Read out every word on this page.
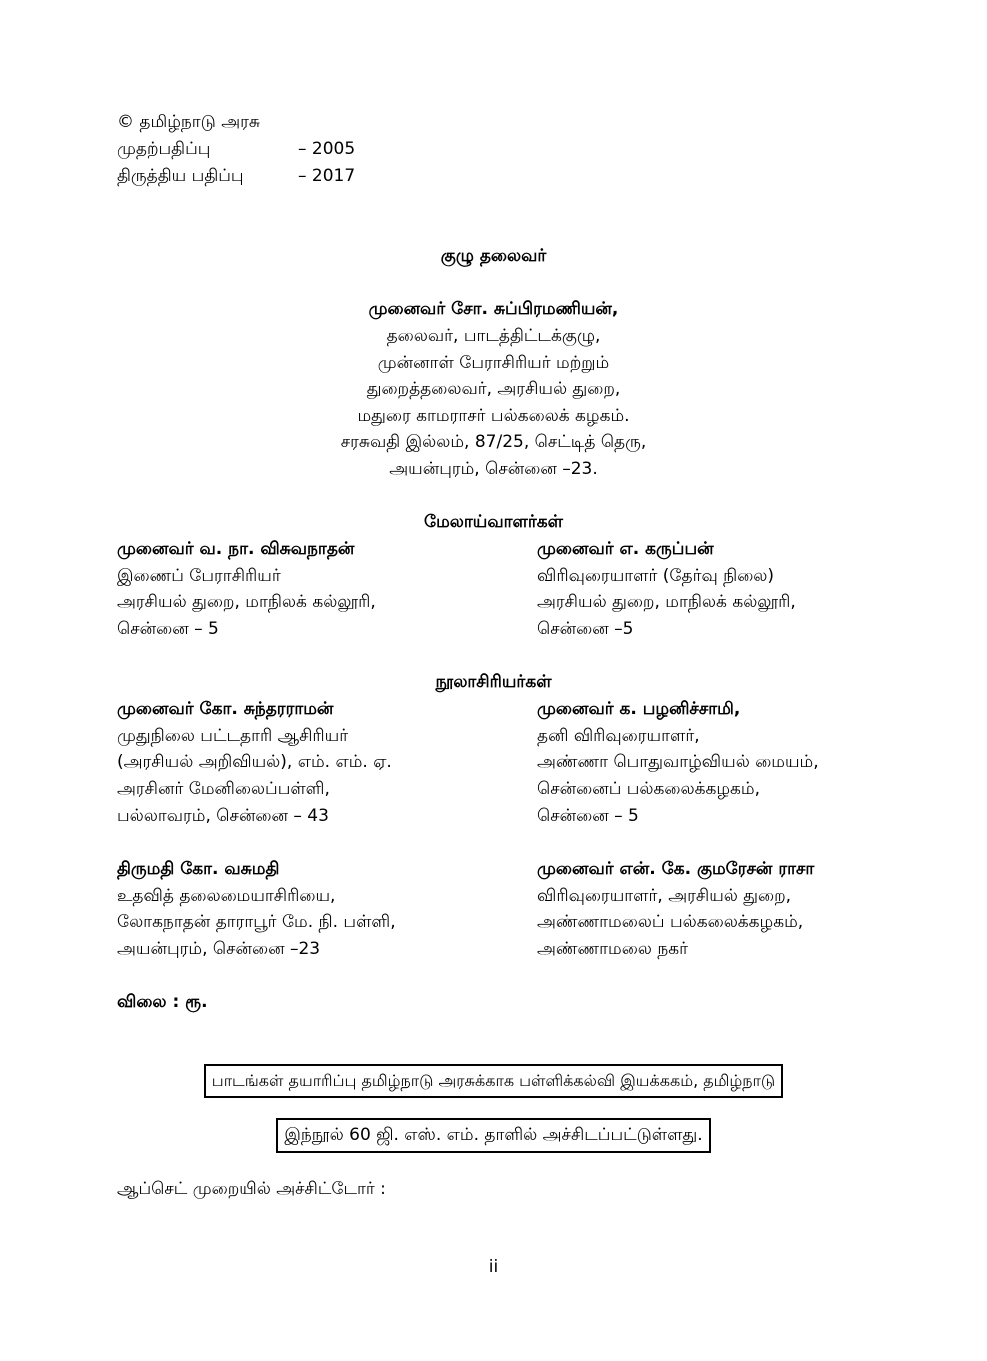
© தமிழ்நாடு அரசு
முதற்பதிப்பு	– 2005
திருத்திய பதிப்பு	– 2017
குழு தலைவர்
முனைவர் சோ. சுப்பிரமணியன்,
தலைவர், பாடத்திட்டக்குழு,
முன்னாள் பேராசிரியர் மற்றும்
துறைத்தலைவர், அரசியல் துறை,
மதுரை காமராசர் பல்கலைக் கழகம்.
சரசுவதி இல்லம், 87/25, செட்டித் தெரு,
அயன்புரம், சென்னை –23.
மேலாய்வாளர்கள்
முனைவர் வ. நா. விசுவநாதன்
இணைப் பேராசிரியர்
அரசியல் துறை, மாநிலக் கல்லூரி,
சென்னை – 5
முனைவர் எ. கருப்பன்
விரிவுரையாளர் (தேர்வு நிலை)
அரசியல் துறை, மாநிலக் கல்லூரி,
சென்னை –5
நூலாசிரியர்கள்
முனைவர் கோ. சுந்தரராமன்
முதுநிலை பட்டதாரி ஆசிரியர்
(அரசியல் அறிவியல்), எம். எம். ஏ.
அரசினர் மேனிலைப்பள்ளி,
பல்லாவரம், சென்னை – 43
முனைவர் க. பழனிச்சாமி,
தனி விரிவுரையாளர்,
அண்ணா பொதுவாழ்வியல் மையம்,
சென்னைப் பல்கலைக்கழகம்,
சென்னை – 5
திருமதி கோ. வசுமதி
உதவித் தலைமையாசிரியை,
லோகநாதன் தாராபூர் மே. நி. பள்ளி,
அயன்புரம், சென்னை –23
முனைவர் என். கே. குமரேசன் ராசா
விரிவுரையாளர், அரசியல் துறை,
அண்ணாமலைப் பல்கலைக்கழகம்,
அண்ணாமலை நகர்
விலை : ரூ.
பாடங்கள் தயாரிப்பு தமிழ்நாடு அரசுக்காக பள்ளிக்கல்வி இயக்ககம், தமிழ்நாடு
இந்நூல் 60 ஜி. எஸ். எம். தாளில் அச்சிடப்பட்டுள்ளது.
ஆப்செட் முறையில் அச்சிட்டோர் :
ii
